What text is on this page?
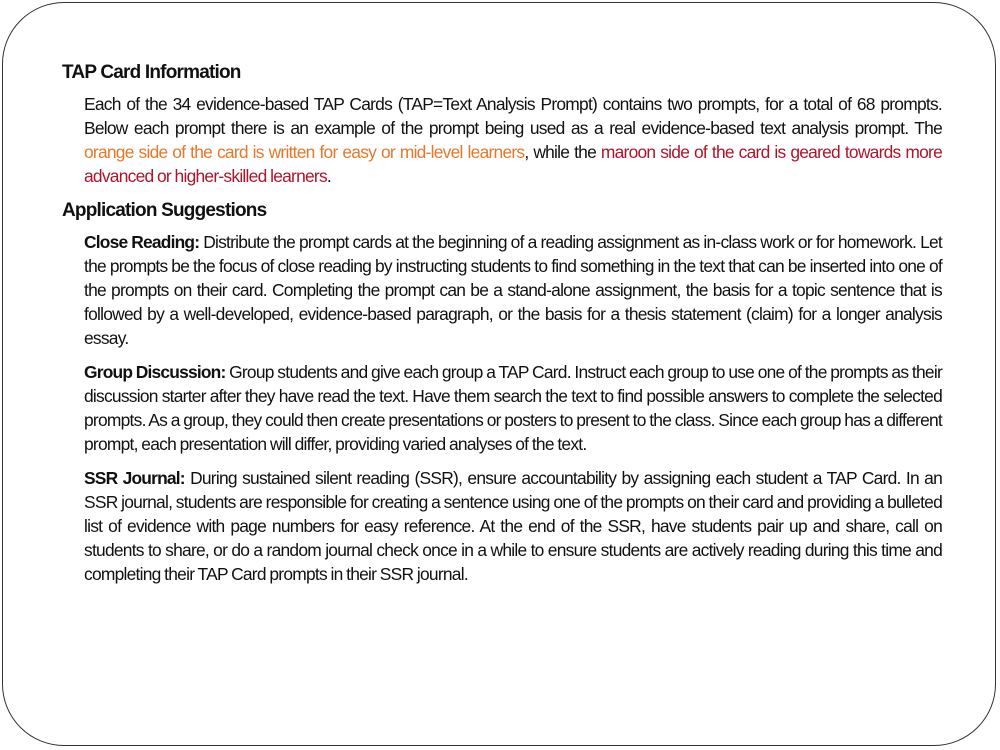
TAP Card Information

Each of the 34 evidence-based TAP Cards (TAP=Text Analysis Prompt) contains two prompts, for a total of 68 prompts. Below each prompt there is an example of the prompt being used as a real evidence-based text analysis prompt. The orange side of the card is written for easy or mid-level learners, while the maroon side of the card is geared towards more advanced or higher-skilled learners.

Application Suggestions

Close Reading: Distribute the prompt cards at the beginning of a reading assignment as in-class work or for homework. Let the prompts be the focus of close reading by instructing students to find something in the text that can be inserted into one of the prompts on their card. Completing the prompt can be a stand-alone assignment, the basis for a topic sentence that is followed by a well-developed, evidence-based paragraph, or the basis for a thesis statement (claim) for a longer analysis essay.

Group Discussion: Group students and give each group a TAP Card. Instruct each group to use one of the prompts as their discussion starter after they have read the text. Have them search the text to find possible answers to complete the selected prompts. As a group, they could then create presentations or posters to present to the class. Since each group has a different prompt, each presentation will differ, providing varied analyses of the text.

SSR Journal: During sustained silent reading (SSR), ensure accountability by assigning each student a TAP Card. In an SSR journal, students are responsible for creating a sentence using one of the prompts on their card and providing a bulleted list of evidence with page numbers for easy reference. At the end of the SSR, have students pair up and share, call on students to share, or do a random journal check once in a while to ensure students are actively reading during this time and completing their TAP Card prompts in their SSR journal.
